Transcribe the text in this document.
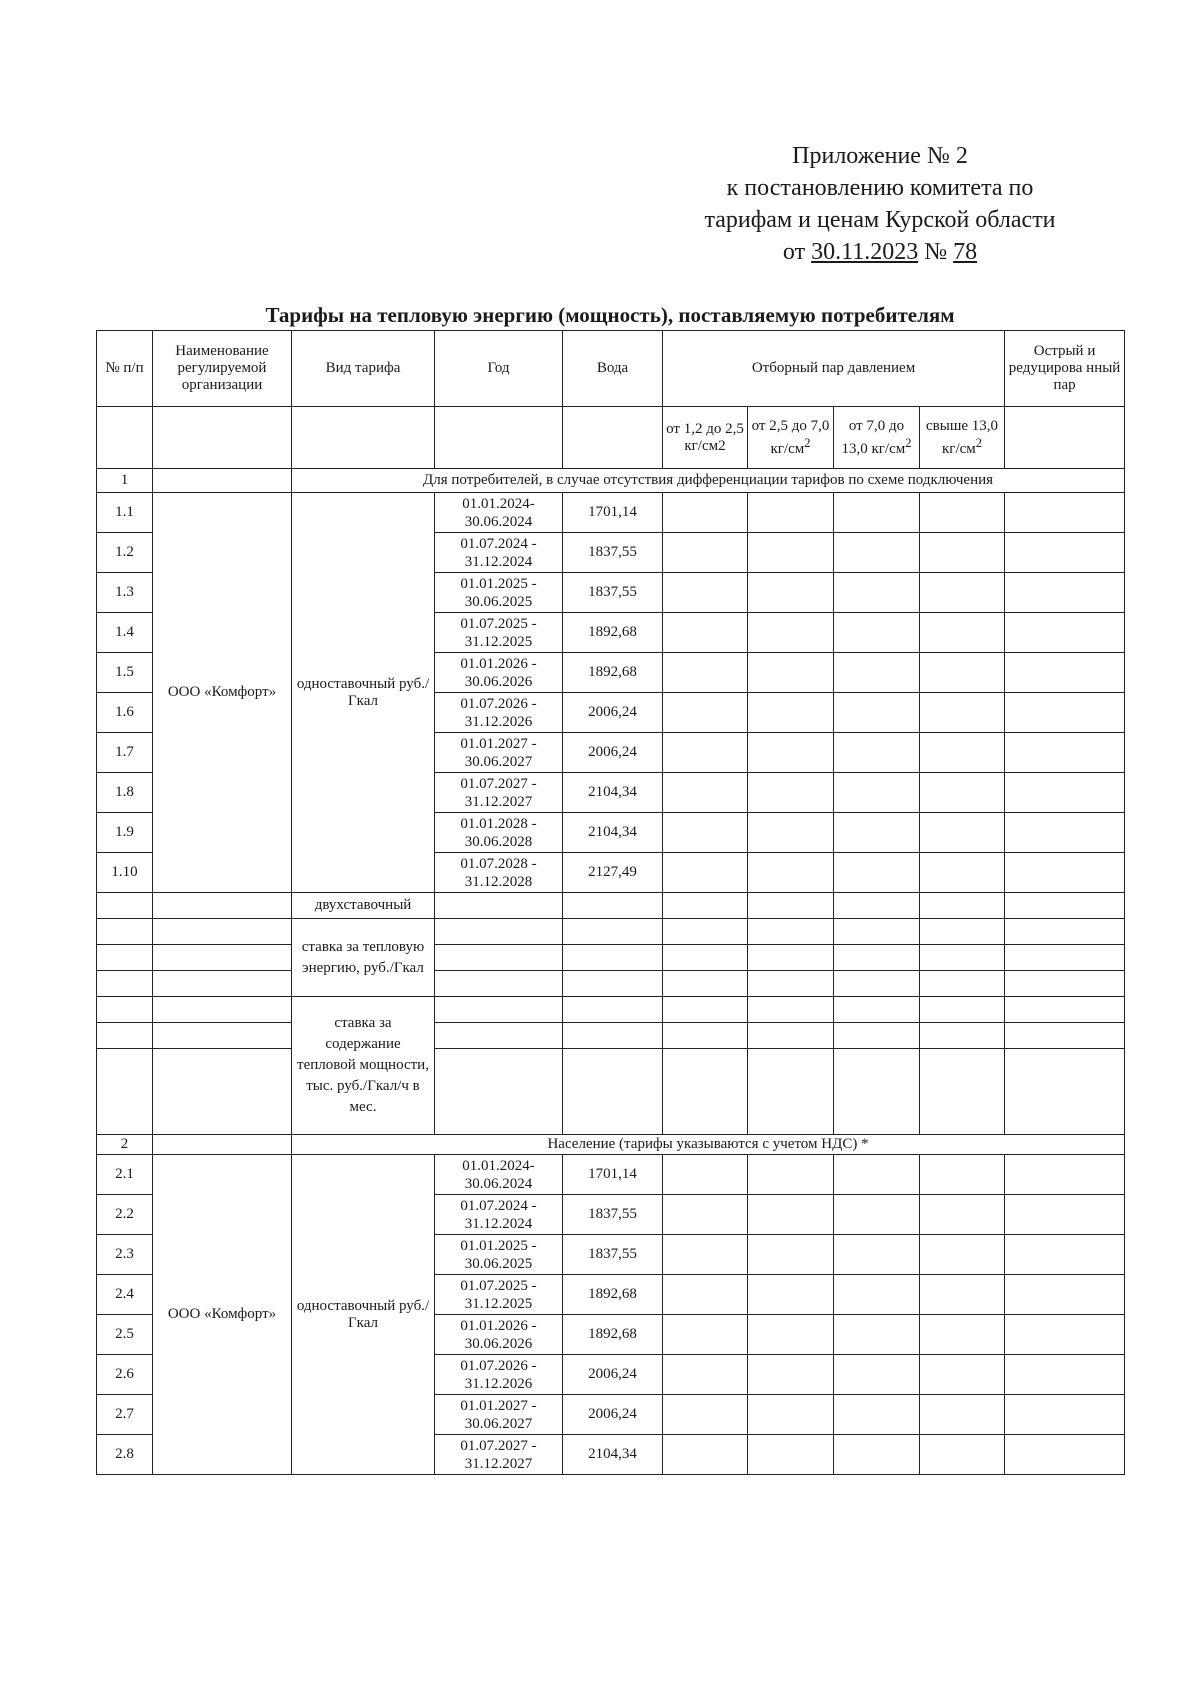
Приложение № 2
к постановлению комитета по
тарифам и ценам Курской области
от 30.11.2023 № 78
Тарифы на тепловую энергию (мощность), поставляемую потребителям
№ п/п	Наименование регулируемой организации	Вид тарифа	Год	Вода	Отборный пар давлением				Острый и редуцирова нный пар
					от 1,2 до 2,5 кг/см2	от 2,5 до 7,0 $кг/см^2$	от 7,0 до 13,0 $кг/см^2$	свыше 13,0 $кг/см^2$	
1		Для потребителей, в случае отсутствия дифференциации тарифов по схеме подключения							
1.1	ООО «Комфорт»	одноставочный руб./Гкал	01.01.2024- 30.06.2024	1701,14					
1.2			01.07.2024 - 31.12.2024	1837,55					
1.3			01.01.2025 - 30.06.2025	1837,55					
1.4			01.07.2025 - 31.12.2025	1892,68					
1.5			01.01.2026 - 30.06.2026	1892,68					
1.6			01.07.2026 - 31.12.2026	2006,24					
1.7			01.01.2027 - 30.06.2027	2006,24					
1.8			01.07.2027 - 31.12.2027	2104,34					
1.9			01.01.2028 - 30.06.2028	2104,34					
1.10			01.07.2028 - 31.12.2028	2127,49					
		двухставочный							
		ставка за тепловую энергию, руб./Гкал							

		ставка за содержание тепловой мощности, тыс. руб./Гкал/ч в мес.							

2		Население (тарифы указываются с учетом НДС) *							
2.1	ООО «Комфорт»	одноставочный руб./Гкал	01.01.2024- 30.06.2024	1701,14					
2.2			01.07.2024 - 31.12.2024	1837,55					
2.3			01.01.2025 - 30.06.2025	1837,55					
2.4			01.07.2025 - 31.12.2025	1892,68					
2.5			01.01.2026 - 30.06.2026	1892,68					
2.6			01.07.2026 - 31.12.2026	2006,24					
2.7			01.01.2027 - 30.06.2027	2006,24					
2.8			01.07.2027 - 31.12.2027	2104,34					
